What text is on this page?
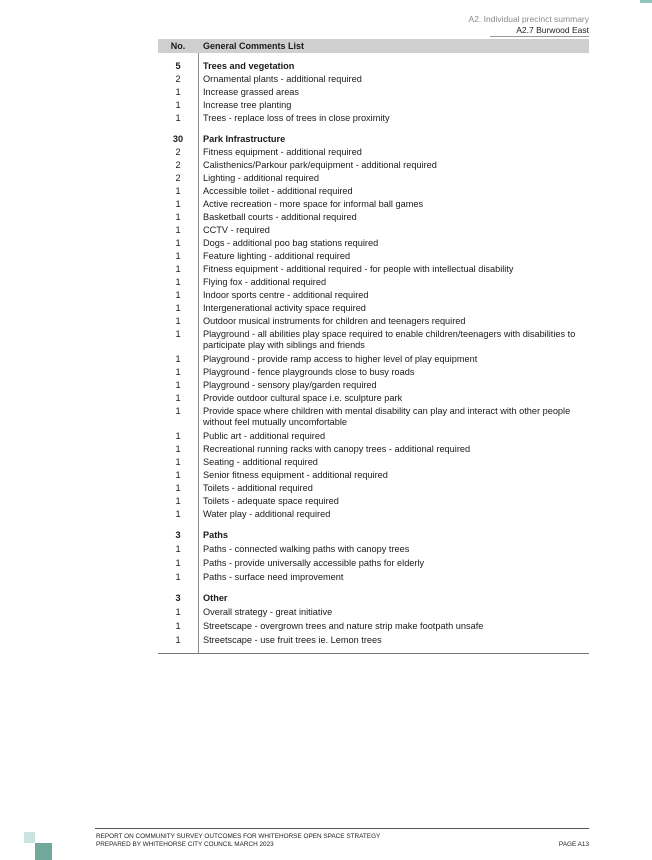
A2. Individual precinct summary
A2.7 Burwood East
No.	General Comments List
5	Trees and vegetation
2	Ornamental plants - additional required
1	Increase grassed areas
1	Increase tree planting
1	Trees - replace loss of trees in close proximity
30	Park Infrastructure
2	Fitness equipment - additional required
2	Calisthenics/Parkour park/equipment - additional required
2	Lighting - additional required
1	Accessible toilet - additional required
1	Active recreation - more space for informal ball games
1	Basketball courts - additional required
1	CCTV - required
1	Dogs - additional poo bag stations required
1	Feature lighting - additional required
1	Fitness equipment - additional required - for people with intellectual disability
1	Flying fox - additional required
1	Indoor sports centre - additional required
1	Intergenerational activity space required
1	Outdoor musical instruments for children and teenagers required
1	Playground - all abilities play space required to enable children/teenagers with disabilities to participate play with siblings and friends
1	Playground - provide ramp access to higher level of play equipment
1	Playground - fence playgrounds close to busy roads
1	Playground - sensory play/garden required
1	Provide outdoor cultural space i.e. sculpture park
1	Provide space where children with mental disability can play and interact with other people without feel mutually uncomfortable
1	Public art - additional required
1	Recreational running racks with canopy trees - additional required
1	Seating - additional required
1	Senior fitness equipment - additional required
1	Toilets - additional required
1	Toilets - adequate space required
1	Water play - additional required
3	Paths
1	Paths - connected walking paths with canopy trees
1	Paths - provide universally accessible paths for elderly
1	Paths - surface need improvement
3	Other
1	Overall strategy - great initiative
1	Streetscape - overgrown trees and nature strip make footpath unsafe
1	Streetscape - use fruit trees ie. Lemon trees
REPORT ON COMMUNITY SURVEY OUTCOMES FOR WHITEHORSE OPEN SPACE STRATEGY
PREPARED BY WHITEHORSE CITY COUNCIL MARCH 2023	PAGE A13
